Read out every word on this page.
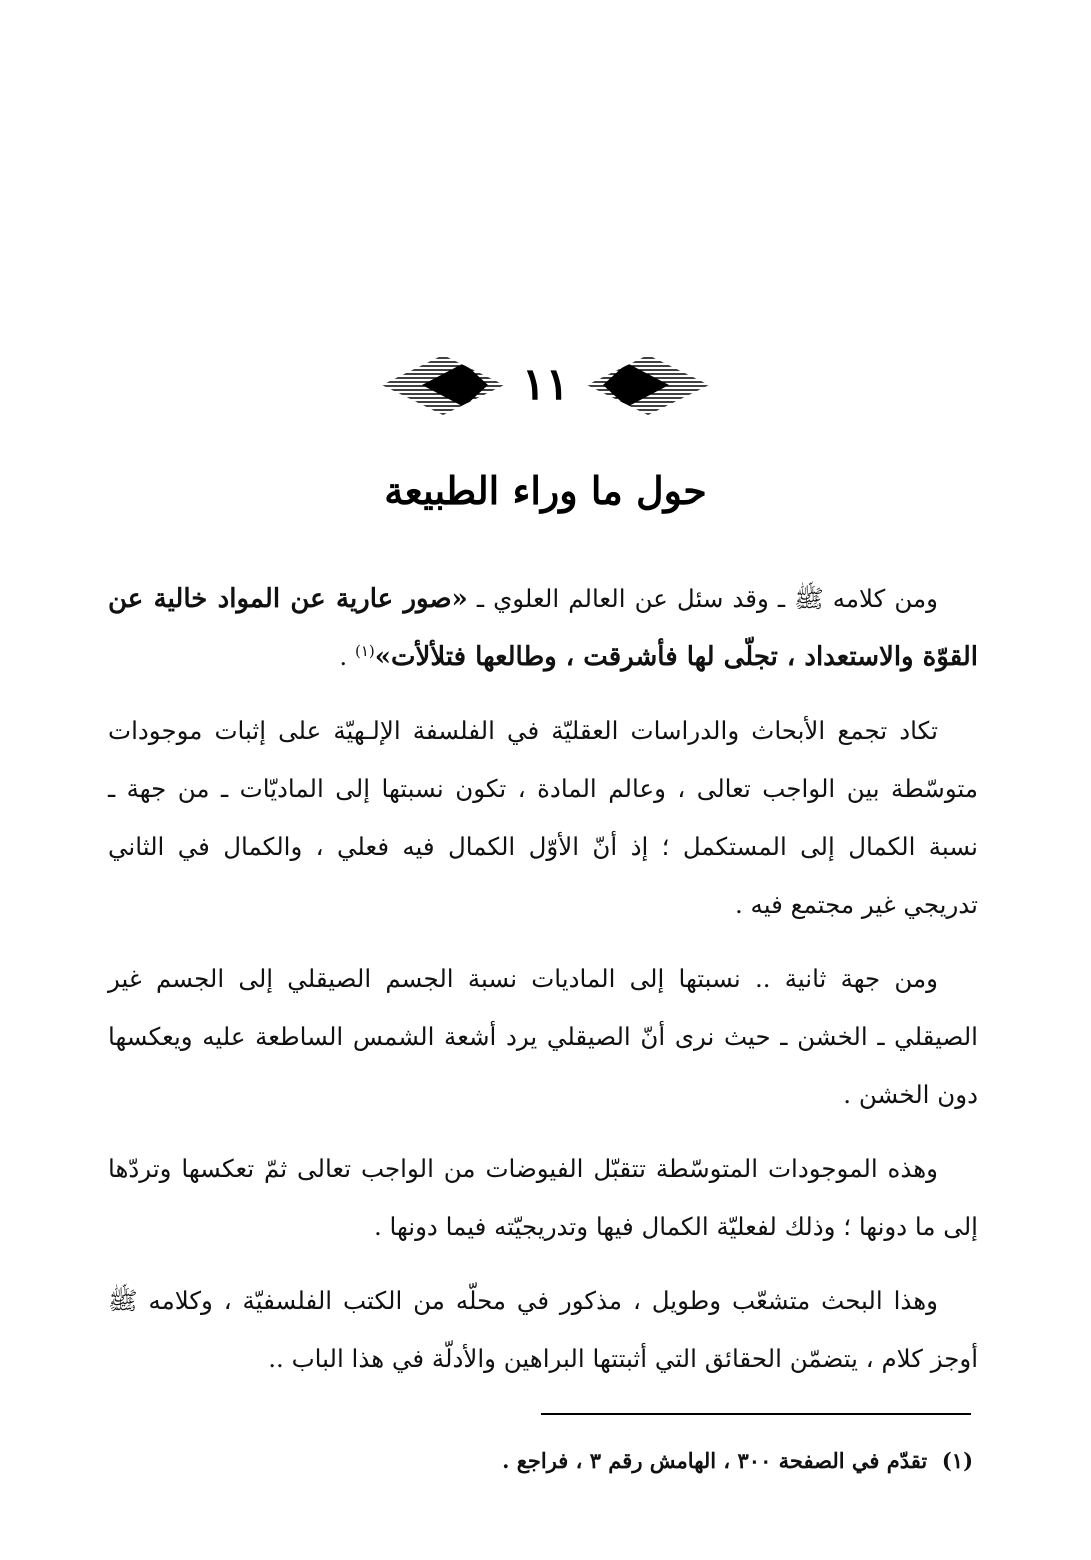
١١
حول ما وراء الطبيعة

ومن كلامه ﷺ ـ وقد سئل عن العالم العلوي ـ «صور عارية عن المواد خالية عن القوّة والاستعداد ، تجلّى لها فأشرقت ، وطالعها فتلألأت»$^{(١)}$ .

تكاد تجمع الأبحاث والدراسات العقليّة في الفلسفة الإلـهيّة على إثبات موجودات متوسّطة بين الواجب تعالى ، وعالم المادة ، تكون نسبتها إلى الماديّات ـ من جهة ـ نسبة الكمال إلى المستكمل ؛ إذ أنّ الأوّل الكمال فيه فعلي ، والكمال في الثاني تدريجي غير مجتمع فيه .

ومن جهة ثانية .. نسبتها إلى الماديات نسبة الجسم الصيقلي إلى الجسم غير الصيقلي ـ الخشن ـ حيث نرى أنّ الصيقلي يرد أشعة الشمس الساطعة عليه ويعكسها دون الخشن .

وهذه الموجودات المتوسّطة تتقبّل الفيوضات من الواجب تعالى ثمّ تعكسها وتردّها إلى ما دونها ؛ وذلك لفعليّة الكمال فيها وتدريجيّته فيما دونها .

وهذا البحث متشعّب وطويل ، مذكور في محلّه من الكتب الفلسفيّة ، وكلامه ﷺ أوجز كلام ، يتضمّن الحقائق التي أثبتتها البراهين والأدلّة في هذا الباب ..

(١)  تقدّم في الصفحة ٣٠٠ ، الهامش رقم ٣ ، فراجع .
